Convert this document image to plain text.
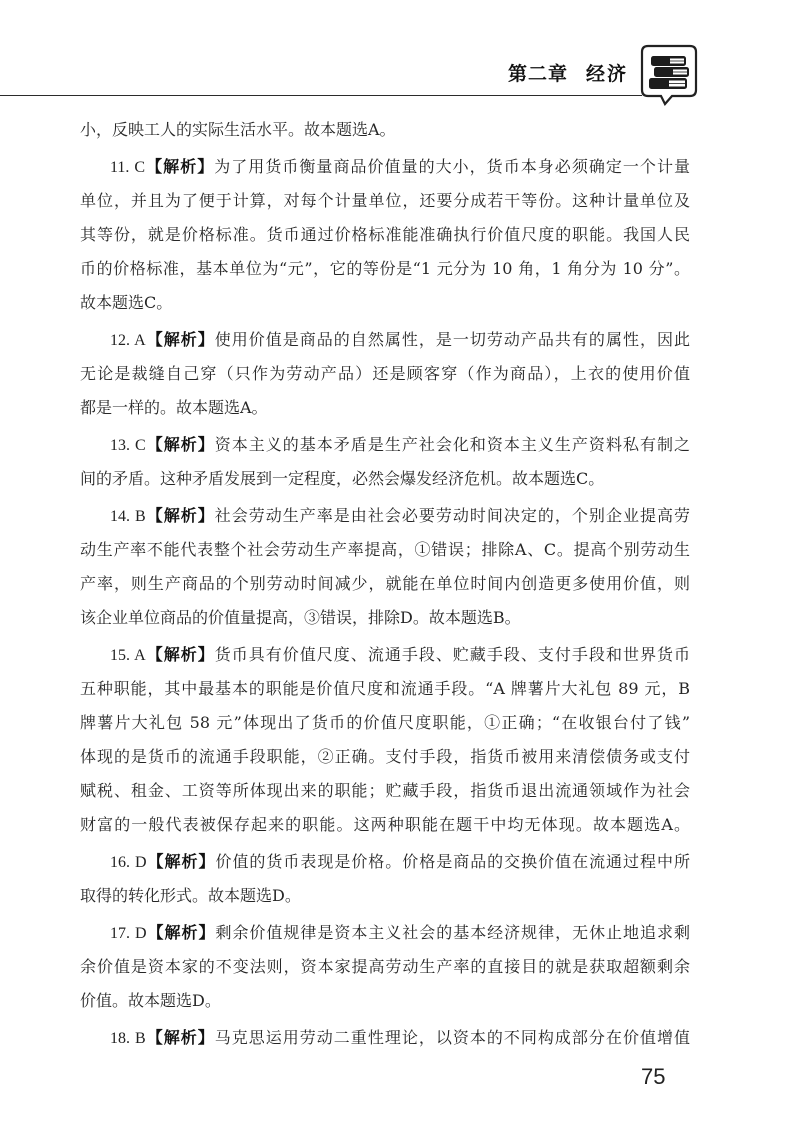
第二章 经济
小，反映工人的实际生活水平。故本题选A。
11. C【解析】为了用货币衡量商品价值量的大小，货币本身必须确定一个计量
单位，并且为了便于计算，对每个计量单位，还要分成若干等份。这种计量单位及
其等份，就是价格标准。货币通过价格标准能准确执行价值尺度的职能。我国人民
币的价格标准，基本单位为“元”，它的等份是“1 元分为 10 角，1 角分为 10 分”。
故本题选C。
12. A【解析】使用价值是商品的自然属性，是一切劳动产品共有的属性，因此
无论是裁缝自己穿（只作为劳动产品）还是顾客穿（作为商品），上衣的使用价值
都是一样的。故本题选A。
13. C【解析】资本主义的基本矛盾是生产社会化和资本主义生产资料私有制之
间的矛盾。这种矛盾发展到一定程度，必然会爆发经济危机。故本题选C。
14. B【解析】社会劳动生产率是由社会必要劳动时间决定的，个别企业提高劳
动生产率不能代表整个社会劳动生产率提高，①错误；排除A、C。提高个别劳动生
产率，则生产商品的个别劳动时间减少，就能在单位时间内创造更多使用价值，则
该企业单位商品的价值量提高，③错误，排除D。故本题选B。
15. A【解析】货币具有价值尺度、流通手段、贮藏手段、支付手段和世界货币
五种职能，其中最基本的职能是价值尺度和流通手段。“A 牌薯片大礼包 89 元，B
牌薯片大礼包 58 元”体现出了货币的价值尺度职能，①正确；“在收银台付了钱”
体现的是货币的流通手段职能，②正确。支付手段，指货币被用来清偿债务或支付
赋税、租金、工资等所体现出来的职能；贮藏手段，指货币退出流通领域作为社会
财富的一般代表被保存起来的职能。这两种职能在题干中均无体现。故本题选A。
16. D【解析】价值的货币表现是价格。价格是商品的交换价值在流通过程中所
取得的转化形式。故本题选D。
17. D【解析】剩余价值规律是资本主义社会的基本经济规律，无休止地追求剩
余价值是资本家的不变法则，资本家提高劳动生产率的直接目的就是获取超额剩余
价值。故本题选D。
18. B【解析】马克思运用劳动二重性理论，以资本的不同构成部分在价值增值
75
